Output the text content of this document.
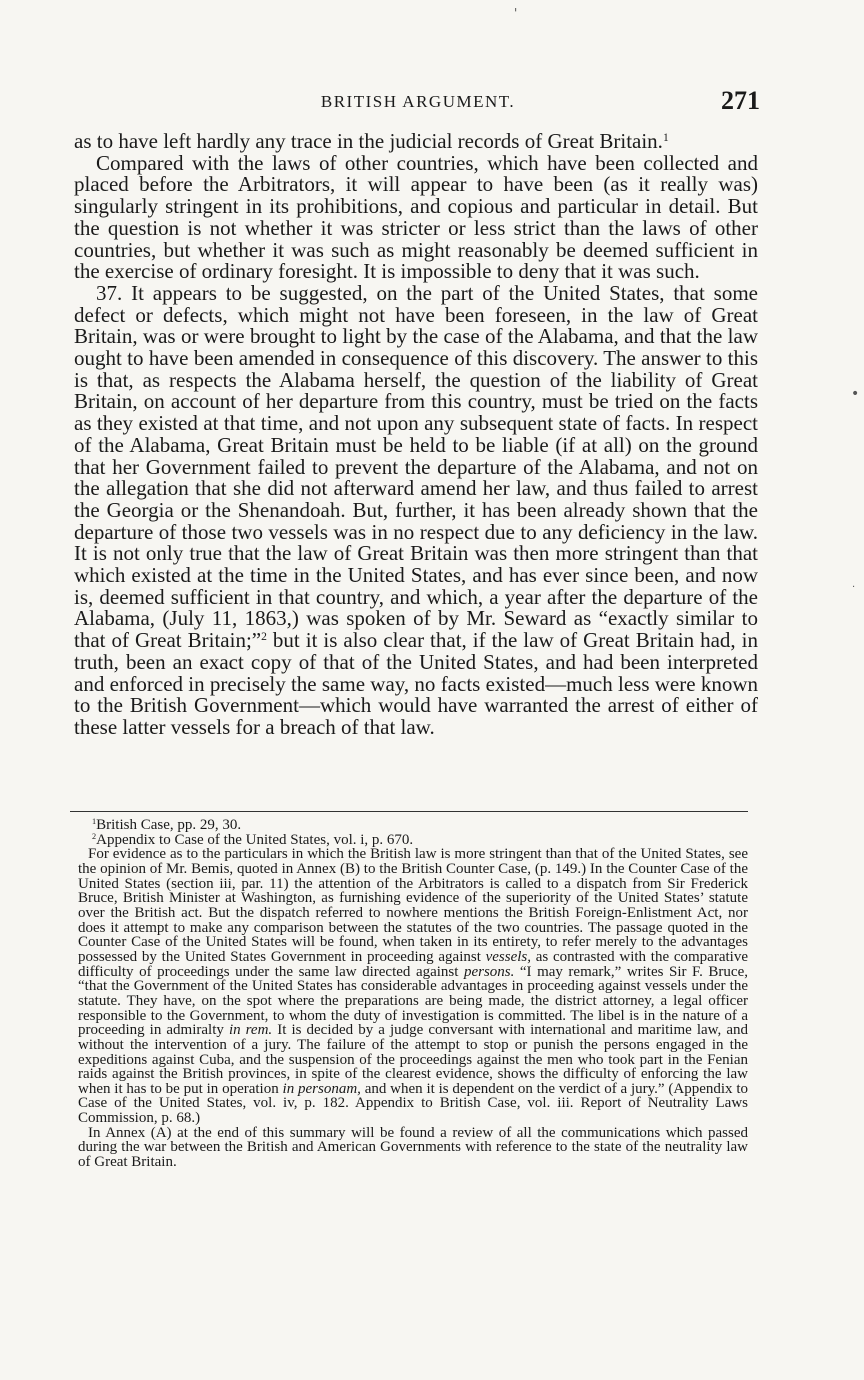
BRITISH ARGUMENT.	271

as to have left hardly any trace in the judicial records of Great Britain.$^1$

Compared with the laws of other countries, which have been collected and placed before the Arbitrators, it will appear to have been (as it really was) singularly stringent in its prohibitions, and copious and particular in detail. But the question is not whether it was stricter or less strict than the laws of other countries, but whether it was such as might reasonably be deemed sufficient in the exercise of ordinary foresight. It is impossible to deny that it was such.

37. It appears to be suggested, on the part of the United States, that some defect or defects, which might not have been foreseen, in the law of Great Britain, was or were brought to light by the case of the Alabama, and that the law ought to have been amended in consequence of this discovery. The answer to this is that, as respects the Alabama herself, the question of the liability of Great Britain, on account of her departure from this country, must be tried on the facts as they existed at that time, and not upon any subsequent state of facts. In respect of the Alabama, Great Britain must be held to be liable (if at all) on the ground that her Government failed to prevent the departure of the Alabama, and not on the allegation that she did not afterward amend her law, and thus failed to arrest the Georgia or the Shenandoah. But, further, it has been already shown that the departure of those two vessels was in no respect due to any deficiency in the law. It is not only true that the law of Great Britain was then more stringent than that which existed at the time in the United States, and has ever since been, and now is, deemed sufficient in that country, and which, a year after the departure of the Alabama, (July 11, 1863,) was spoken of by Mr. Seward as “exactly similar to that of Great Britain;”$^2$ but it is also clear that, if the law of Great Britain had, in truth, been an exact copy of that of the United States, and had been interpreted and enforced in precisely the same way, no facts existed—much less were known to the British Government—which would have warranted the arrest of either of these latter vessels for a breach of that law.

$^1$British Case, pp. 29, 30.

$^2$Appendix to Case of the United States, vol. i, p. 670.

For evidence as to the particulars in which the British law is more stringent than that of the United States, see the opinion of Mr. Bemis, quoted in Annex (B) to the British Counter Case, (p. 149.) In the Counter Case of the United States (section iii, par. 11) the attention of the Arbitrators is called to a dispatch from Sir Frederick Bruce, British Minister at Washington, as furnishing evidence of the superiority of the United States’ statute over the British act. But the dispatch referred to nowhere mentions the British Foreign-Enlistment Act, nor does it attempt to make any comparison between the statutes of the two countries. The passage quoted in the Counter Case of the United States will be found, when taken in its entirety, to refer merely to the advantages possessed by the United States Government in proceeding against vessels, as contrasted with the comparative difficulty of proceedings under the same law directed against persons. “I may remark,” writes Sir F. Bruce, “that the Government of the United States has considerable advantages in proceeding against vessels under the statute. They have, on the spot where the preparations are being made, the district attorney, a legal officer responsible to the Government, to whom the duty of investigation is committed. The libel is in the nature of a proceeding in admiralty in rem. It is decided by a judge conversant with international and maritime law, and without the intervention of a jury. The failure of the attempt to stop or punish the persons engaged in the expeditions against Cuba, and the suspension of the proceedings against the men who took part in the Fenian raids against the British provinces, in spite of the clearest evidence, shows the difficulty of enforcing the law when it has to be put in operation in personam, and when it is dependent on the verdict of a jury.” (Appendix to Case of the United States, vol. iv, p. 182. Appendix to British Case, vol. iii. Report of Neutrality Laws Commission, p. 68.)

In Annex (A) at the end of this summary will be found a review of all the communications which passed during the war between the British and American Governments with reference to the state of the neutrality law of Great Britain.

'
•
·
